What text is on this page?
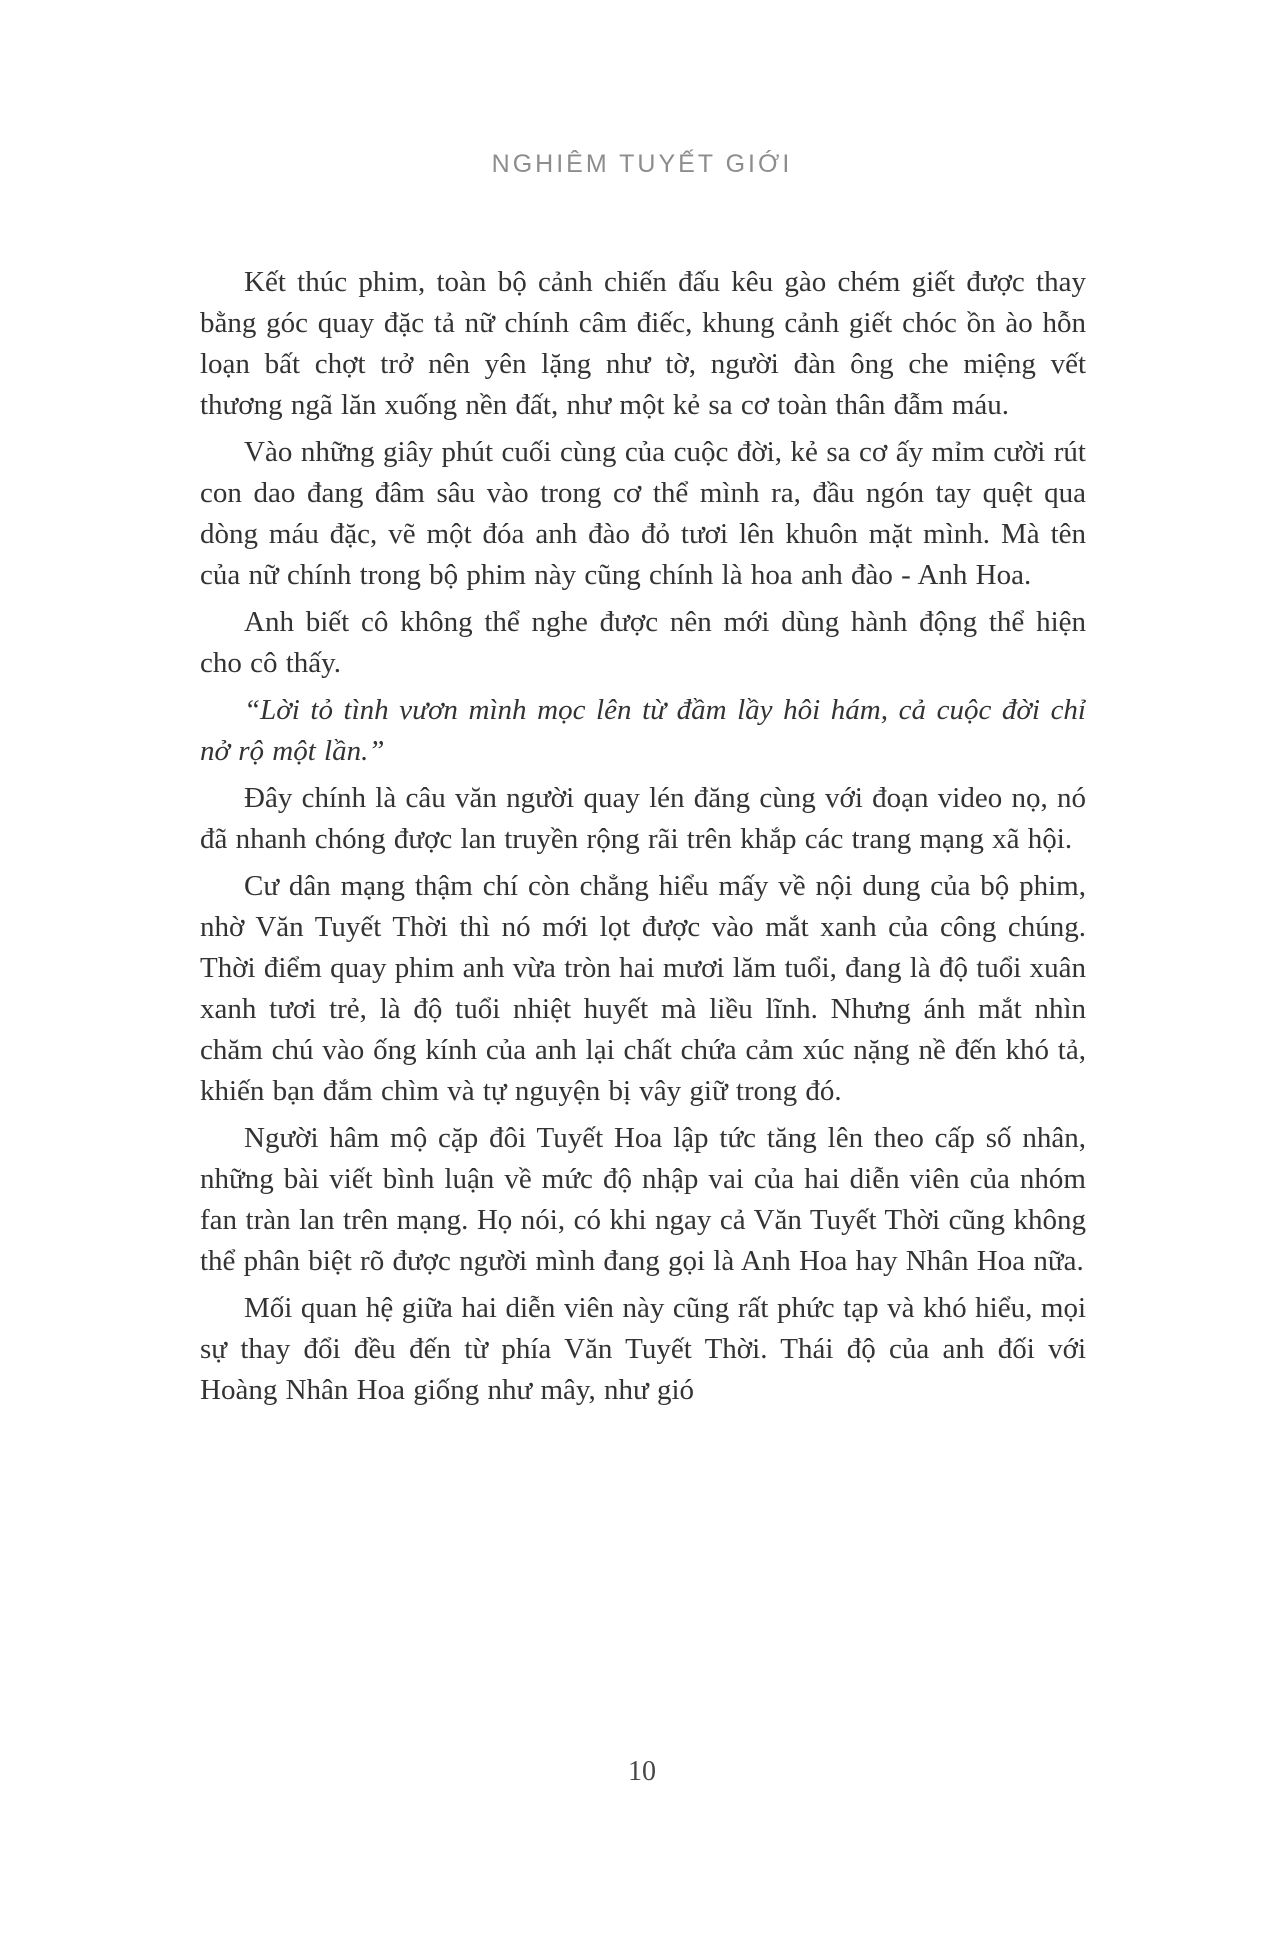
NGHIÊM TUYẾT GIỚI

Kết thúc phim, toàn bộ cảnh chiến đấu kêu gào chém giết được thay bằng góc quay đặc tả nữ chính câm điếc, khung cảnh giết chóc ồn ào hỗn loạn bất chợt trở nên yên lặng như tờ, người đàn ông che miệng vết thương ngã lăn xuống nền đất, như một kẻ sa cơ toàn thân đẫm máu.

Vào những giây phút cuối cùng của cuộc đời, kẻ sa cơ ấy mỉm cười rút con dao đang đâm sâu vào trong cơ thể mình ra, đầu ngón tay quệt qua dòng máu đặc, vẽ một đóa anh đào đỏ tươi lên khuôn mặt mình. Mà tên của nữ chính trong bộ phim này cũng chính là hoa anh đào - Anh Hoa.

Anh biết cô không thể nghe được nên mới dùng hành động thể hiện cho cô thấy.

“Lời tỏ tình vươn mình mọc lên từ đầm lầy hôi hám, cả cuộc đời chỉ nở rộ một lần.”

Đây chính là câu văn người quay lén đăng cùng với đoạn video nọ, nó đã nhanh chóng được lan truyền rộng rãi trên khắp các trang mạng xã hội.

Cư dân mạng thậm chí còn chẳng hiểu mấy về nội dung của bộ phim, nhờ Văn Tuyết Thời thì nó mới lọt được vào mắt xanh của công chúng. Thời điểm quay phim anh vừa tròn hai mươi lăm tuổi, đang là độ tuổi xuân xanh tươi trẻ, là độ tuổi nhiệt huyết mà liều lĩnh. Nhưng ánh mắt nhìn chăm chú vào ống kính của anh lại chất chứa cảm xúc nặng nề đến khó tả, khiến bạn đắm chìm và tự nguyện bị vây giữ trong đó.

Người hâm mộ cặp đôi Tuyết Hoa lập tức tăng lên theo cấp số nhân, những bài viết bình luận về mức độ nhập vai của hai diễn viên của nhóm fan tràn lan trên mạng. Họ nói, có khi ngay cả Văn Tuyết Thời cũng không thể phân biệt rõ được người mình đang gọi là Anh Hoa hay Nhân Hoa nữa.

Mối quan hệ giữa hai diễn viên này cũng rất phức tạp và khó hiểu, mọi sự thay đổi đều đến từ phía Văn Tuyết Thời. Thái độ của anh đối với Hoàng Nhân Hoa giống như mây, như gió

10
